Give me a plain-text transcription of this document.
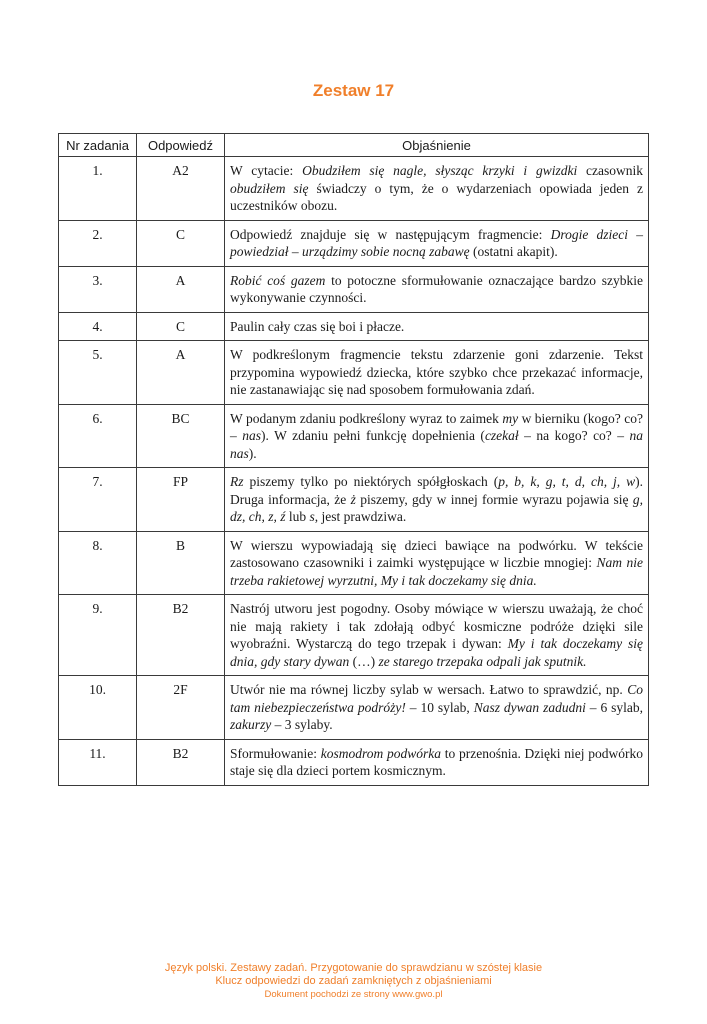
Zestaw 17
Nr zadania	Odpowiedź	Objaśnienie
1.	A2	W cytacie: Obudziłem się nagle, słysząc krzyki i gwizdki czasownik obudziłem się świadczy o tym, że o wydarzeniach opowiada jeden z uczestników obozu.
2.	C	Odpowiedź znajduje się w następującym fragmencie: Drogie dzieci – powiedział – urządzimy sobie nocną zabawę (ostatni akapit).
3.	A	Robić coś gazem to potoczne sformułowanie oznaczające bardzo szybkie wykonywanie czynności.
4.	C	Paulin cały czas się boi i płacze.
5.	A	W podkreślonym fragmencie tekstu zdarzenie goni zdarzenie. Tekst przypomina wypowiedź dziecka, które szybko chce przekazać informacje, nie zastanawiając się nad sposobem formułowania zdań.
6.	BC	W podanym zdaniu podkreślony wyraz to zaimek my w bierniku (kogo? co? – nas). W zdaniu pełni funkcję dopełnienia (czekał – na kogo? co? – na nas).
7.	FP	Rz piszemy tylko po niektórych spółgłoskach (p, b, k, g, t, d, ch, j, w). Druga informacja, że ż piszemy, gdy w innej formie wyrazu pojawia się g, dz, ch, z, ź lub s, jest prawdziwa.
8.	B	W wierszu wypowiadają się dzieci bawiące na podwórku. W tekście zastosowano czasowniki i zaimki występujące w liczbie mnogiej: Nam nie trzeba rakietowej wyrzutni, My i tak doczekamy się dnia.
9.	B2	Nastrój utworu jest pogodny. Osoby mówiące w wierszu uważają, że choć nie mają rakiety i tak zdołają odbyć kosmiczne podróże dzięki sile wyobraźni. Wystarczą do tego trzepak i dywan: My i tak doczekamy się dnia, gdy stary dywan (…) ze starego trzepaka odpali jak sputnik.
10.	2F	Utwór nie ma równej liczby sylab w wersach. Łatwo to sprawdzić, np. Co tam niebezpieczeństwa podróży! – 10 sylab, Nasz dywan zadudni – 6 sylab, zakurzy – 3 sylaby.
11.	B2	Sformułowanie: kosmodrom podwórka to przenośnia. Dzięki niej podwórko staje się dla dzieci portem kosmicznym.
Język polski. Zestawy zadań. Przygotowanie do sprawdzianu w szóstej klasie
Klucz odpowiedzi do zadań zamkniętych z objaśnieniami
Dokument pochodzi ze strony www.gwo.pl
